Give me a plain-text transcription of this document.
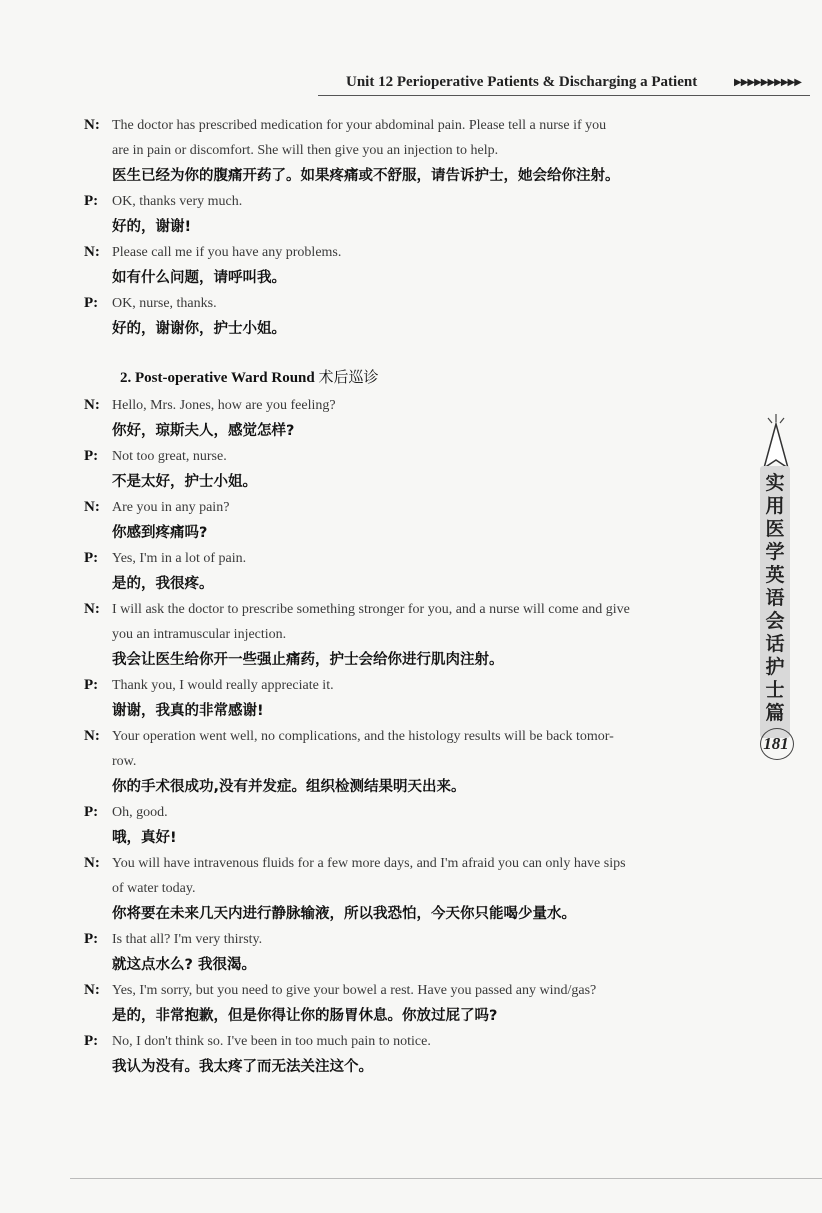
Unit 12 Perioperative Patients & Discharging a Patient	▶▶▶▶▶▶▶▶▶▶
N: The doctor has prescribed medication for your abdominal pain. Please tell a nurse if you
are in pain or discomfort. She will then give you an injection to help.
医生已经为你的腹痛开药了。如果疼痛或不舒服，请告诉护士，她会给你注射。
P: OK, thanks very much.
好的，谢谢!
N: Please call me if you have any problems.
如有什么问题，请呼叫我。
P: OK, nurse, thanks.
好的，谢谢你，护士小姐。
2. Post-operative Ward Round 术后巡诊
N: Hello, Mrs. Jones, how are you feeling?
你好，琼斯夫人，感觉怎样?
P: Not too great, nurse.
不是太好，护士小姐。
N: Are you in any pain?
你感到疼痛吗?
P: Yes, I'm in a lot of pain.
是的，我很疼。
N: I will ask the doctor to prescribe something stronger for you, and a nurse will come and give
you an intramuscular injection.
我会让医生给你开一些强止痛药，护士会给你进行肌肉注射。
P: Thank you, I would really appreciate it.
谢谢，我真的非常感谢!
N: Your operation went well, no complications, and the histology results will be back tomor-
row.
你的手术很成功,没有并发症。组织检测结果明天出来。
P: Oh, good.
哦，真好!
N: You will have intravenous fluids for a few more days, and I'm afraid you can only have sips
of water today.
你将要在未来几天内进行静脉输液，所以我恐怕，今天你只能喝少量水。
P: Is that all? I'm very thirsty.
就这点水么? 我很渴。
N: Yes, I'm sorry, but you need to give your bowel a rest. Have you passed any wind/gas?
是的，非常抱歉，但是你得让你的肠胃休息。你放过屁了吗?
P: No, I don't think so. I've been in too much pain to notice.
我认为没有。我太疼了而无法关注这个。
实用医学英语会话 护士篇
181
